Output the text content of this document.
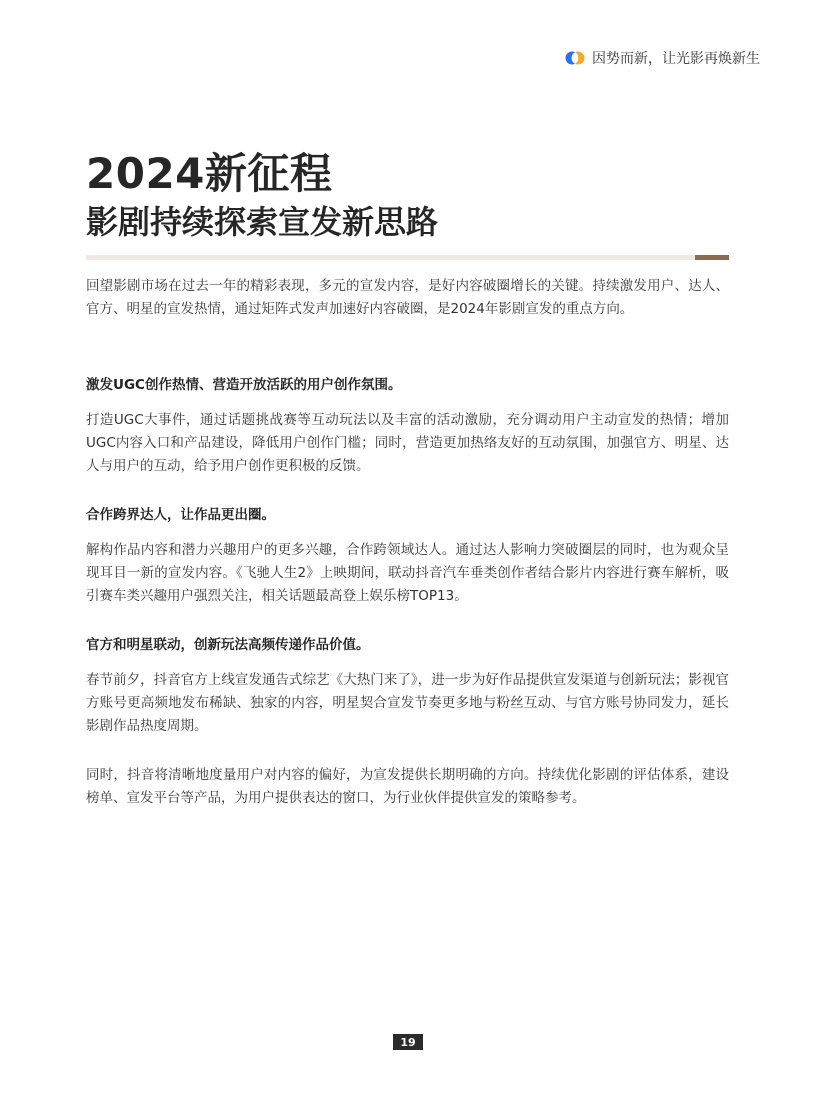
因势而新，让光影再焕新生
2024新征程
影剧持续探索宣发新思路

回望影剧市场在过去一年的精彩表现，多元的宣发内容，是好内容破圈增长的关键。持续激发用户、达人、官方、明星的宣发热情，通过矩阵式发声加速好内容破圈，是2024年影剧宣发的重点方向。

激发UGC创作热情、营造开放活跃的用户创作氛围。

打造UGC大事件，通过话题挑战赛等互动玩法以及丰富的活动激励，充分调动用户主动宣发的热情；增加UGC内容入口和产品建设，降低用户创作门槛；同时，营造更加热络友好的互动氛围，加强官方、明星、达人与用户的互动，给予用户创作更积极的反馈。

合作跨界达人，让作品更出圈。

解构作品内容和潜力兴趣用户的更多兴趣，合作跨领域达人。通过达人影响力突破圈层的同时，也为观众呈现耳目一新的宣发内容。《飞驰人生2》上映期间，联动抖音汽车垂类创作者结合影片内容进行赛车解析，吸引赛车类兴趣用户强烈关注，相关话题最高登上娱乐榜TOP13。

官方和明星联动，创新玩法高频传递作品价值。

春节前夕，抖音官方上线宣发通告式综艺《大热门来了》，进一步为好作品提供宣发渠道与创新玩法；影视官方账号更高频地发布稀缺、独家的内容，明星契合宣发节奏更多地与粉丝互动、与官方账号协同发力，延长影剧作品热度周期。

同时，抖音将清晰地度量用户对内容的偏好，为宣发提供长期明确的方向。持续优化影剧的评估体系，建设榜单、宣发平台等产品，为用户提供表达的窗口，为行业伙伴提供宣发的策略参考。

19
